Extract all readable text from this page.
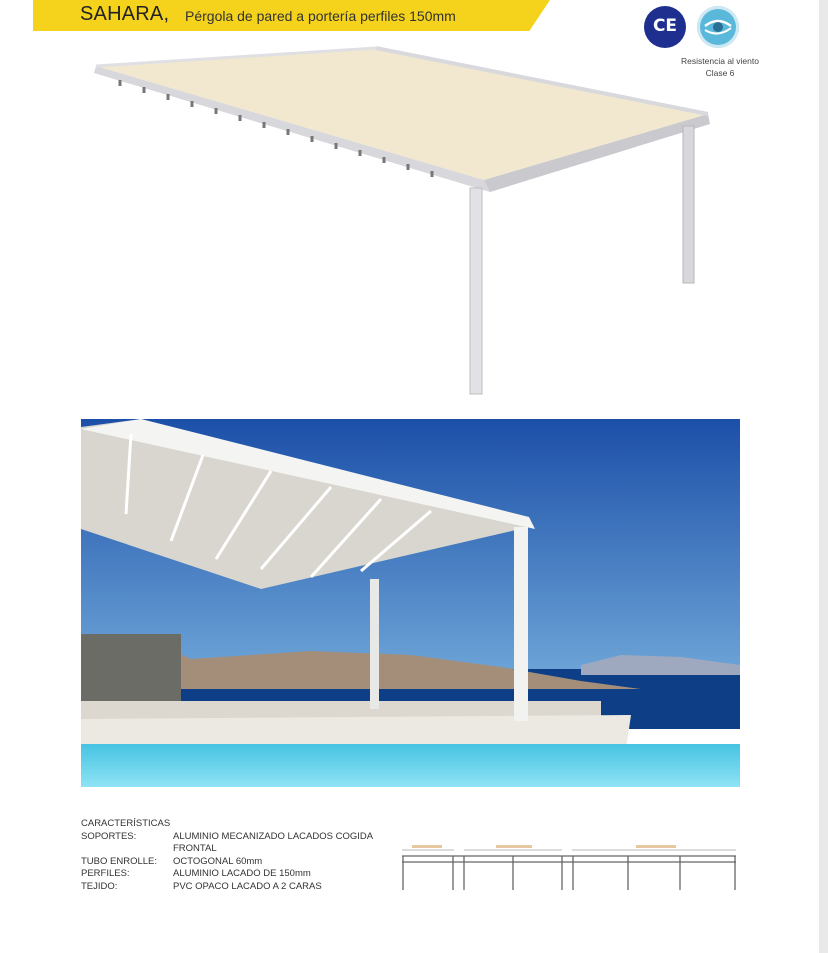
SAHARA, Pérgola de pared a portería perfiles 150mm	CE
Resistencia al viento
Clase 6
CARACTERÍSTICAS
SOPORTES:	ALUMINIO MECANIZADO LACADOS COGIDA FRONTAL
TUBO ENROLLE:	OCTOGONAL 60mm
PERFILES:	ALUMINIO LACADO DE 150mm
TEJIDO:	PVC OPACO LACADO A 2 CARAS
